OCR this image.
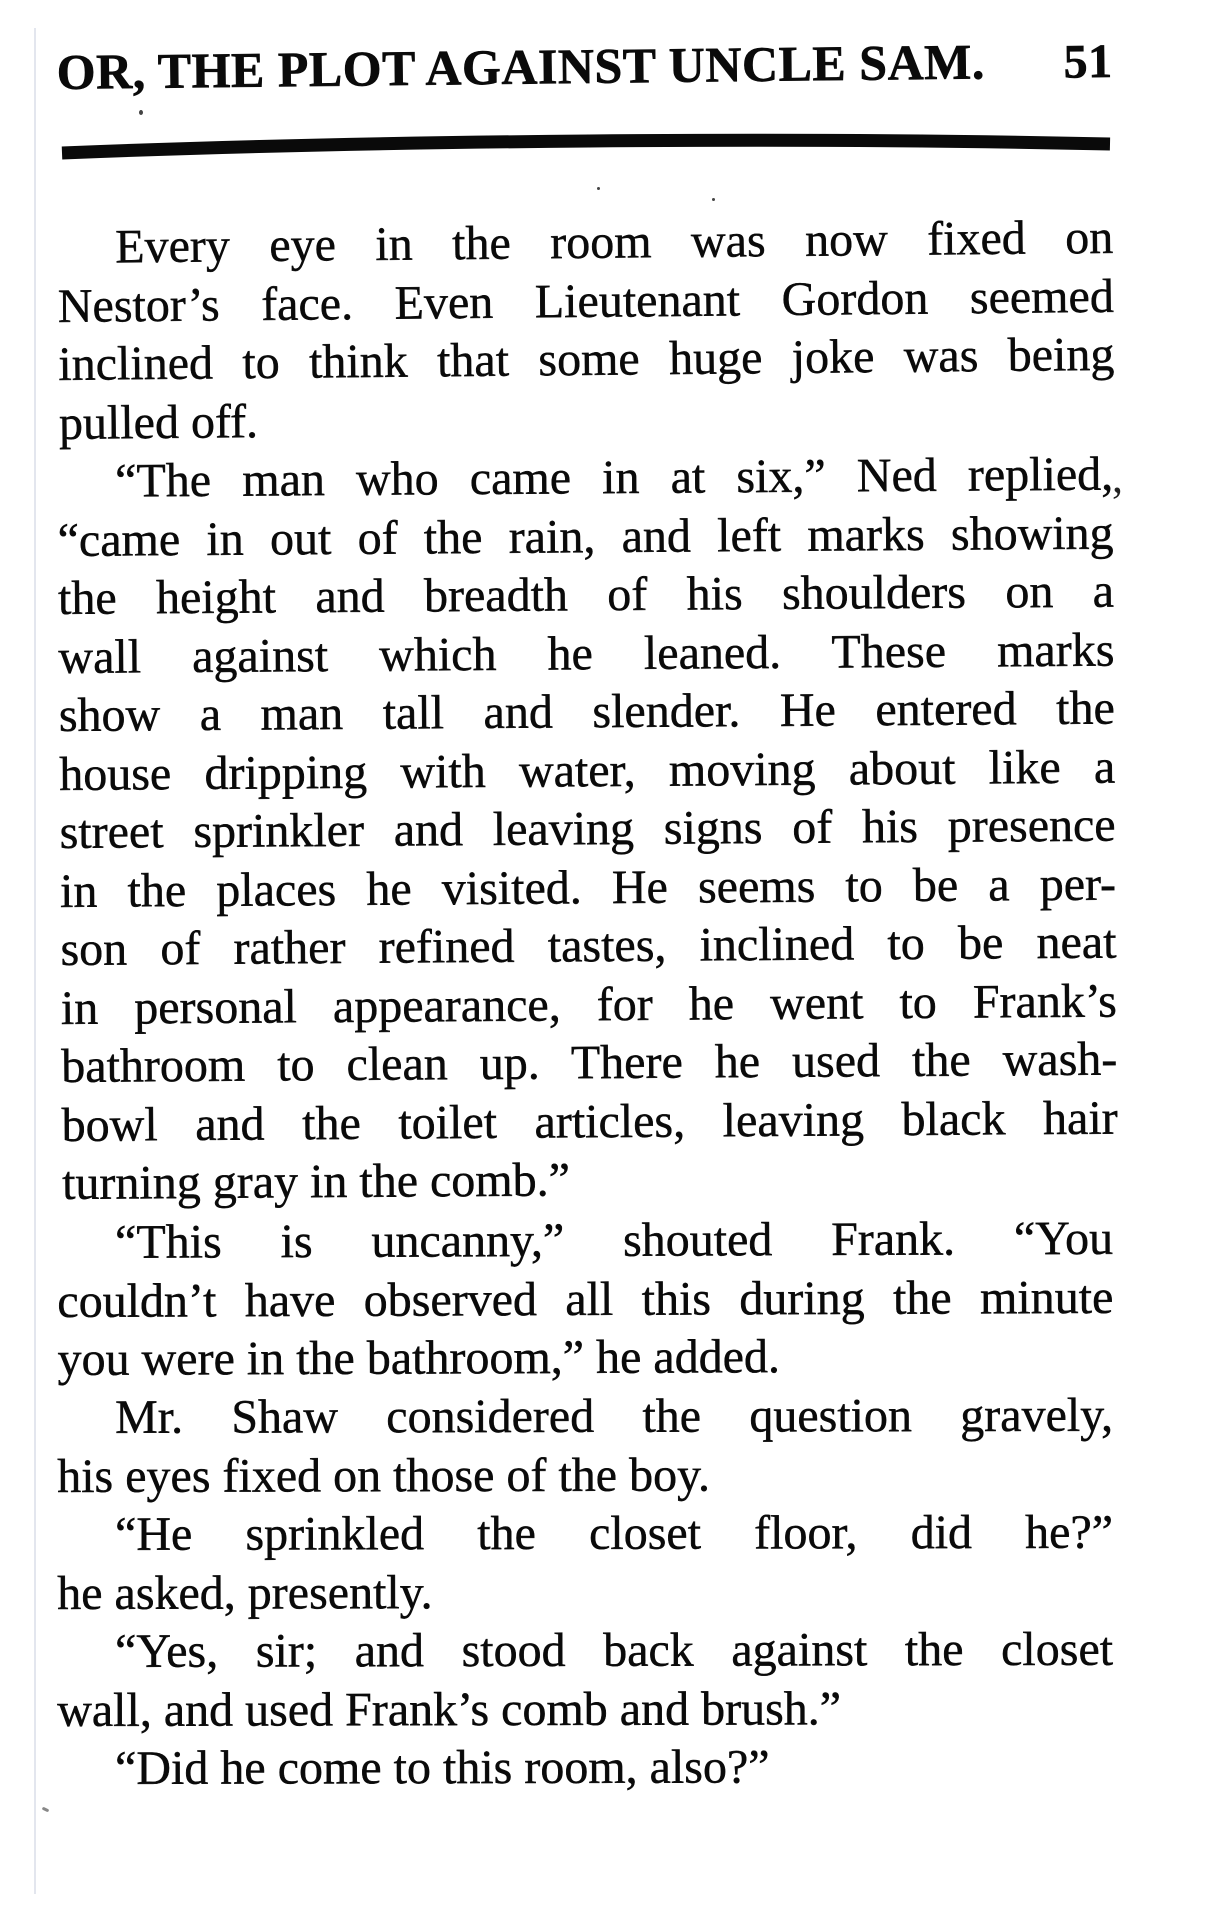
OR, THE PLOT AGAINST UNCLE SAM. 51
Every eye in the room was now fixed on
Nestor’s face. Even Lieutenant Gordon seemed
inclined to think that some huge joke was being
pulled off.
“The man who came in at six,” Ned replied,
“came in out of the rain, and left marks showing
the height and breadth of his shoulders on a
wall against which he leaned. These marks
show a man tall and slender. He entered the
house dripping with water, moving about like a
street sprinkler and leaving signs of his presence
in the places he visited. He seems to be a per-
son of rather refined tastes, inclined to be neat
in personal appearance, for he went to Frank’s
bathroom to clean up. There he used the wash-
bowl and the toilet articles, leaving black hair
turning gray in the comb.”
“This is uncanny,” shouted Frank. “You
couldn’t have observed all this during the minute
you were in the bathroom,” he added.
Mr. Shaw considered the question gravely,
his eyes fixed on those of the boy.
“He sprinkled the closet floor, did he?”
he asked, presently.
“Yes, sir; and stood back against the closet
wall, and used Frank’s comb and brush.”
“Did he come to this room, also?”
,
